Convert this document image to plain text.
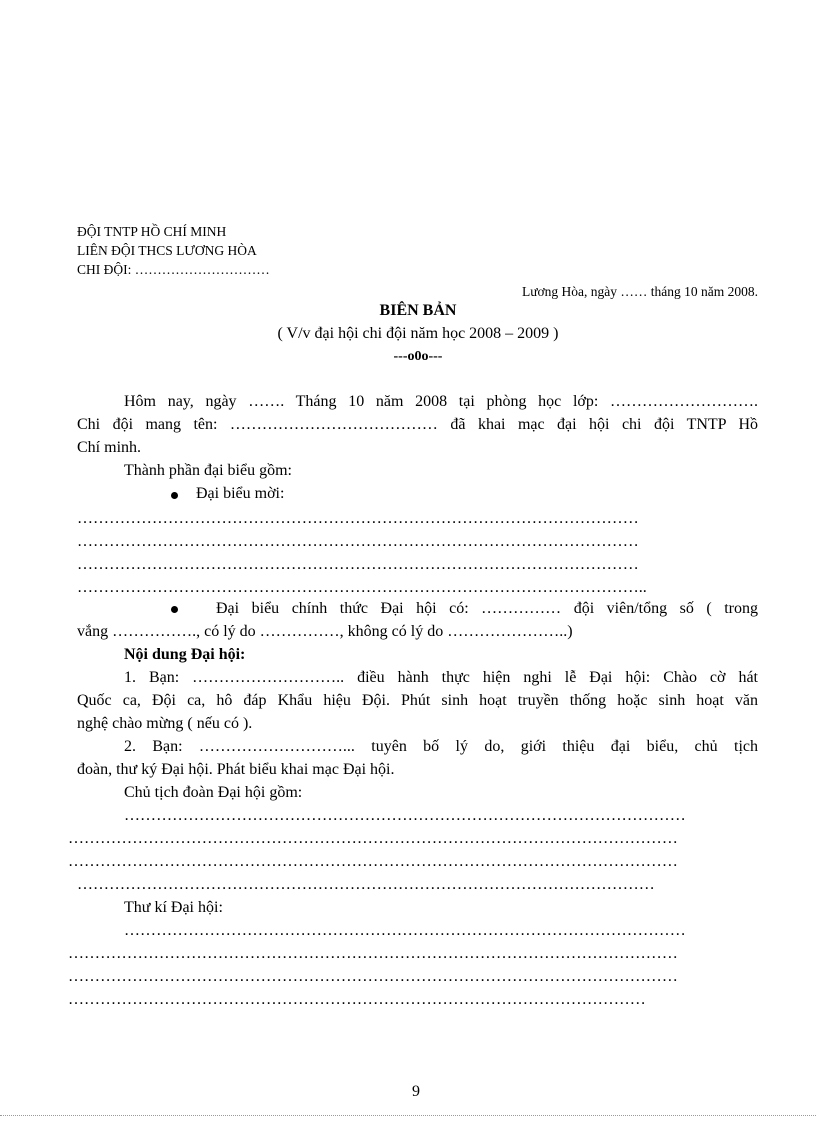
ĐỘI TNTP HỒ CHÍ MINH
LIÊN ĐỘI THCS LƯƠNG HÒA
CHI ĐỘI: …………………………
Lương Hòa, ngày …… tháng 10 năm 2008.
BIÊN BẢN
( V/v đại hội chi đội năm học 2008 – 2009 )
---o0o---
Hôm nay, ngày ……. Tháng 10 năm 2008 tại phòng học lớp: ……………………….
Chi đội mang tên: ………………………………… đã khai mạc đại hội chi đội TNTP Hồ
Chí minh.
Thành phần đại biểu gồm:
Đại biểu mời:
……………………………………………………………………………………………
……………………………………………………………………………………………
……………………………………………………………………………………………
……………………………………………………………………………………………..
Đại biểu chính thức Đại hội có: …………… đội viên/tổng số ( trong
vắng ……………., có lý do ……………, không có lý do …………………..)
Nội dung Đại hội:
1. Bạn: ……………………….. điều hành thực hiện nghi lễ Đại hội: Chào cờ hát
Quốc ca, Đội ca, hô đáp Khẩu hiệu Đội. Phút sinh hoạt truyền thống hoặc sinh hoạt văn
nghệ chào mừng ( nếu có ).
2. Bạn: ………………………... tuyên bố lý do, giới thiệu đại biểu, chủ tịch
đoàn, thư ký Đại hội. Phát biểu khai mạc Đại hội.
Chủ tịch đoàn Đại hội gồm:
……………………………………………………………………………………………
……………………………………………………………………………………………………
……………………………………………………………………………………………………
………………………………………………………………………………………………
Thư kí Đại hội:
……………………………………………………………………………………………
……………………………………………………………………………………………………
……………………………………………………………………………………………………
………………………………………………………………………………………………
9
